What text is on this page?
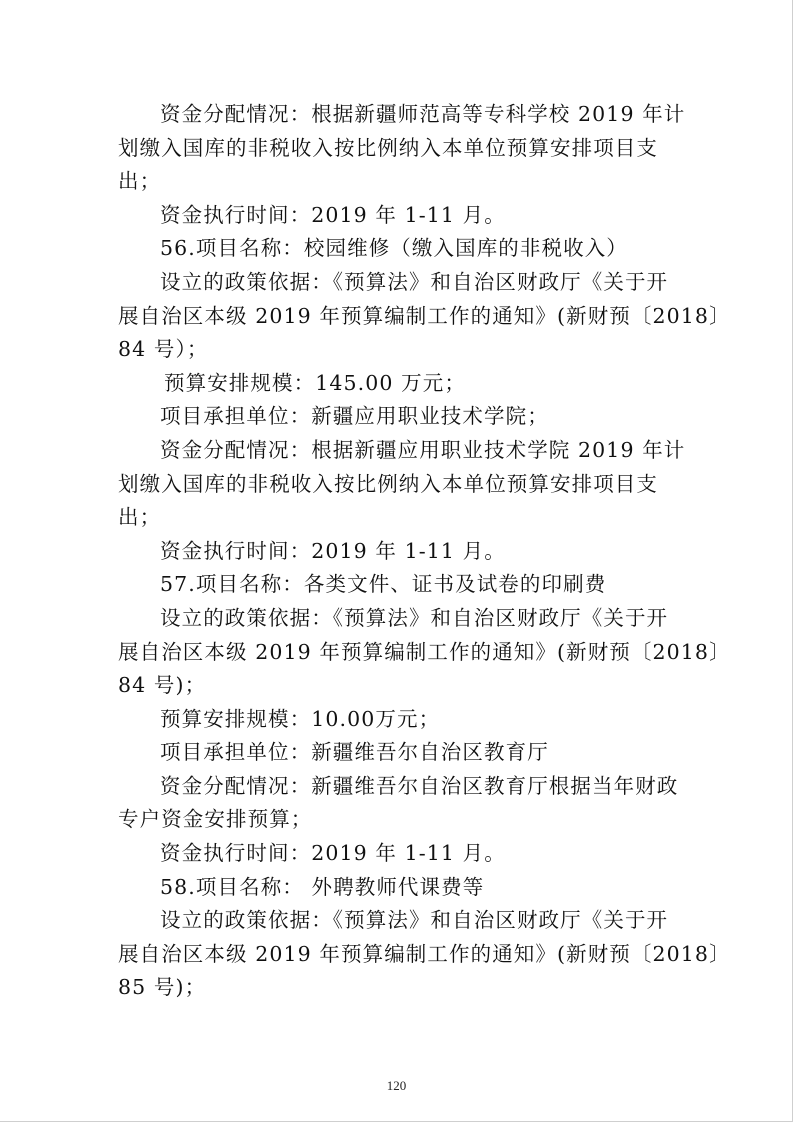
资金分配情况：根据新疆师范高等专科学校 2019 年计
划缴入国库的非税收入按比例纳入本单位预算安排项目支
出；
资金执行时间：2019 年 1-11 月。
56.项目名称：校园维修（缴入国库的非税收入）
设立的政策依据：《预算法》和自治区财政厅《关于开
展自治区本级 2019 年预算编制工作的通知》(新财预〔2018〕
84 号）；
预算安排规模：145.00 万元；
项目承担单位：新疆应用职业技术学院；
资金分配情况：根据新疆应用职业技术学院 2019 年计
划缴入国库的非税收入按比例纳入本单位预算安排项目支
出；
资金执行时间：2019 年 1-11 月。
57.项目名称：各类文件、证书及试卷的印刷费
设立的政策依据：《预算法》和自治区财政厅《关于开
展自治区本级 2019 年预算编制工作的通知》(新财预〔2018〕
84 号)；
预算安排规模：10.00万元；
项目承担单位：新疆维吾尔自治区教育厅
资金分配情况：新疆维吾尔自治区教育厅根据当年财政
专户资金安排预算；
资金执行时间：2019 年 1-11 月。
58.项目名称： 外聘教师代课费等
设立的政策依据：《预算法》和自治区财政厅《关于开
展自治区本级 2019 年预算编制工作的通知》(新财预〔2018〕
85 号)；
120
